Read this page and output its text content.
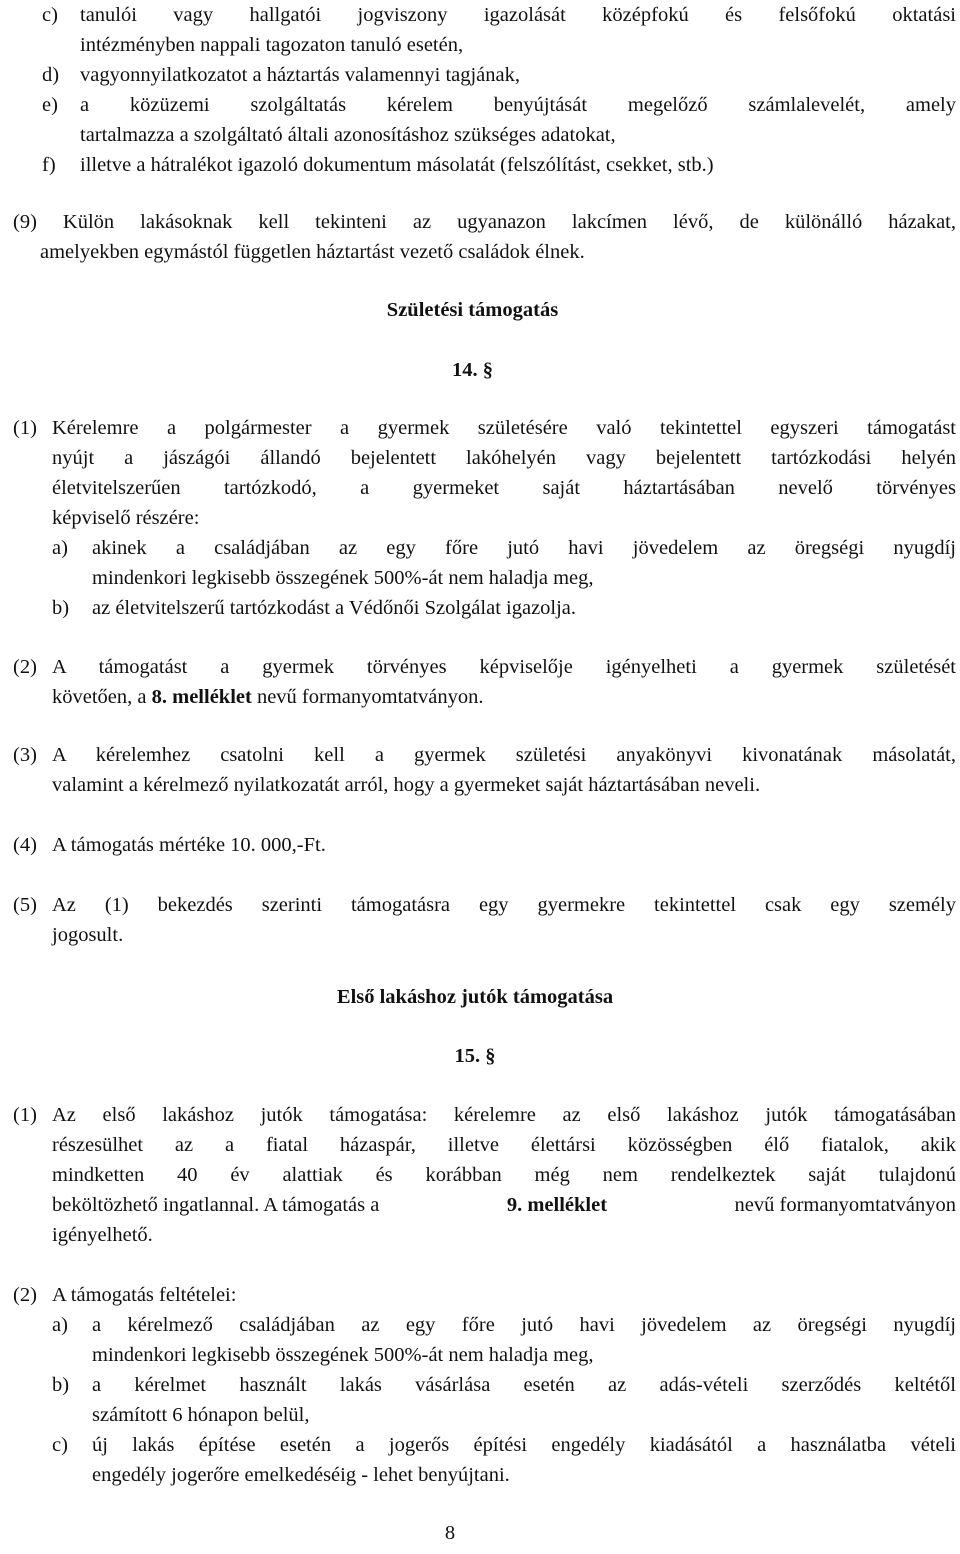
c) tanulói vagy hallgatói jogviszony igazolását középfokú és felsőfokú oktatási
intézményben nappali tagozaton tanuló esetén,
d) vagyonnyilatkozatot a háztartás valamennyi tagjának,
e) a közüzemi szolgáltatás kérelem benyújtását megelőző számlalevelét, amely
tartalmazza a szolgáltató általi azonosításhoz szükséges adatokat,
f) illetve a hátralékot igazoló dokumentum másolatát (felszólítást, csekket, stb.)
(9) Külön lakásoknak kell tekinteni az ugyanazon lakcímen lévő, de különálló házakat,
amelyekben egymástól független háztartást vezető családok élnek.
Születési támogatás
14. §
(1) Kérelemre a polgármester a gyermek születésére való tekintettel egyszeri támogatást
nyújt a jászágói állandó bejelentett lakóhelyén vagy bejelentett tartózkodási helyén
életvitelszerűen tartózkodó, a gyermeket saját háztartásában nevelő törvényes
képviselő részére:
a) akinek a családjában az egy főre jutó havi jövedelem az öregségi nyugdíj
mindenkori legkisebb összegének 500%-át nem haladja meg,
b) az életvitelszerű tartózkodást a Védőnői Szolgálat igazolja.
(2) A támogatást a gyermek törvényes képviselője igényelheti a gyermek születését
követően, a 8. melléklet nevű formanyomtatványon.
(3) A kérelemhez csatolni kell a gyermek születési anyakönyvi kivonatának másolatát,
valamint a kérelmező nyilatkozatát arról, hogy a gyermeket saját háztartásában neveli.
(4) A támogatás mértéke 10. 000,-Ft.
(5) Az (1) bekezdés szerinti támogatásra egy gyermekre tekintettel csak egy személy
jogosult.
Első lakáshoz jutók támogatása
15. §
(1) Az első lakáshoz jutók támogatása: kérelemre az első lakáshoz jutók támogatásában
részesülhet az a fiatal házaspár, illetve élettársi közösségben élő fiatalok, akik
mindketten 40 év alattiak és korábban még nem rendelkeztek saját tulajdonú
beköltözhető ingatlannal. A támogatás a	9. melléklet	nevű formanyomtatványon
igényelhető.
(2) A támogatás feltételei:
a) a kérelmező családjában az egy főre jutó havi jövedelem az öregségi nyugdíj
mindenkori legkisebb összegének 500%-át nem haladja meg,
b) a kérelmet használt lakás vásárlása esetén az adás-vételi szerződés keltétől
számított 6 hónapon belül,
c) új lakás építése esetén a jogerős építési engedély kiadásától a használatba vételi
engedély jogerőre emelkedéséig - lehet benyújtani.
8
